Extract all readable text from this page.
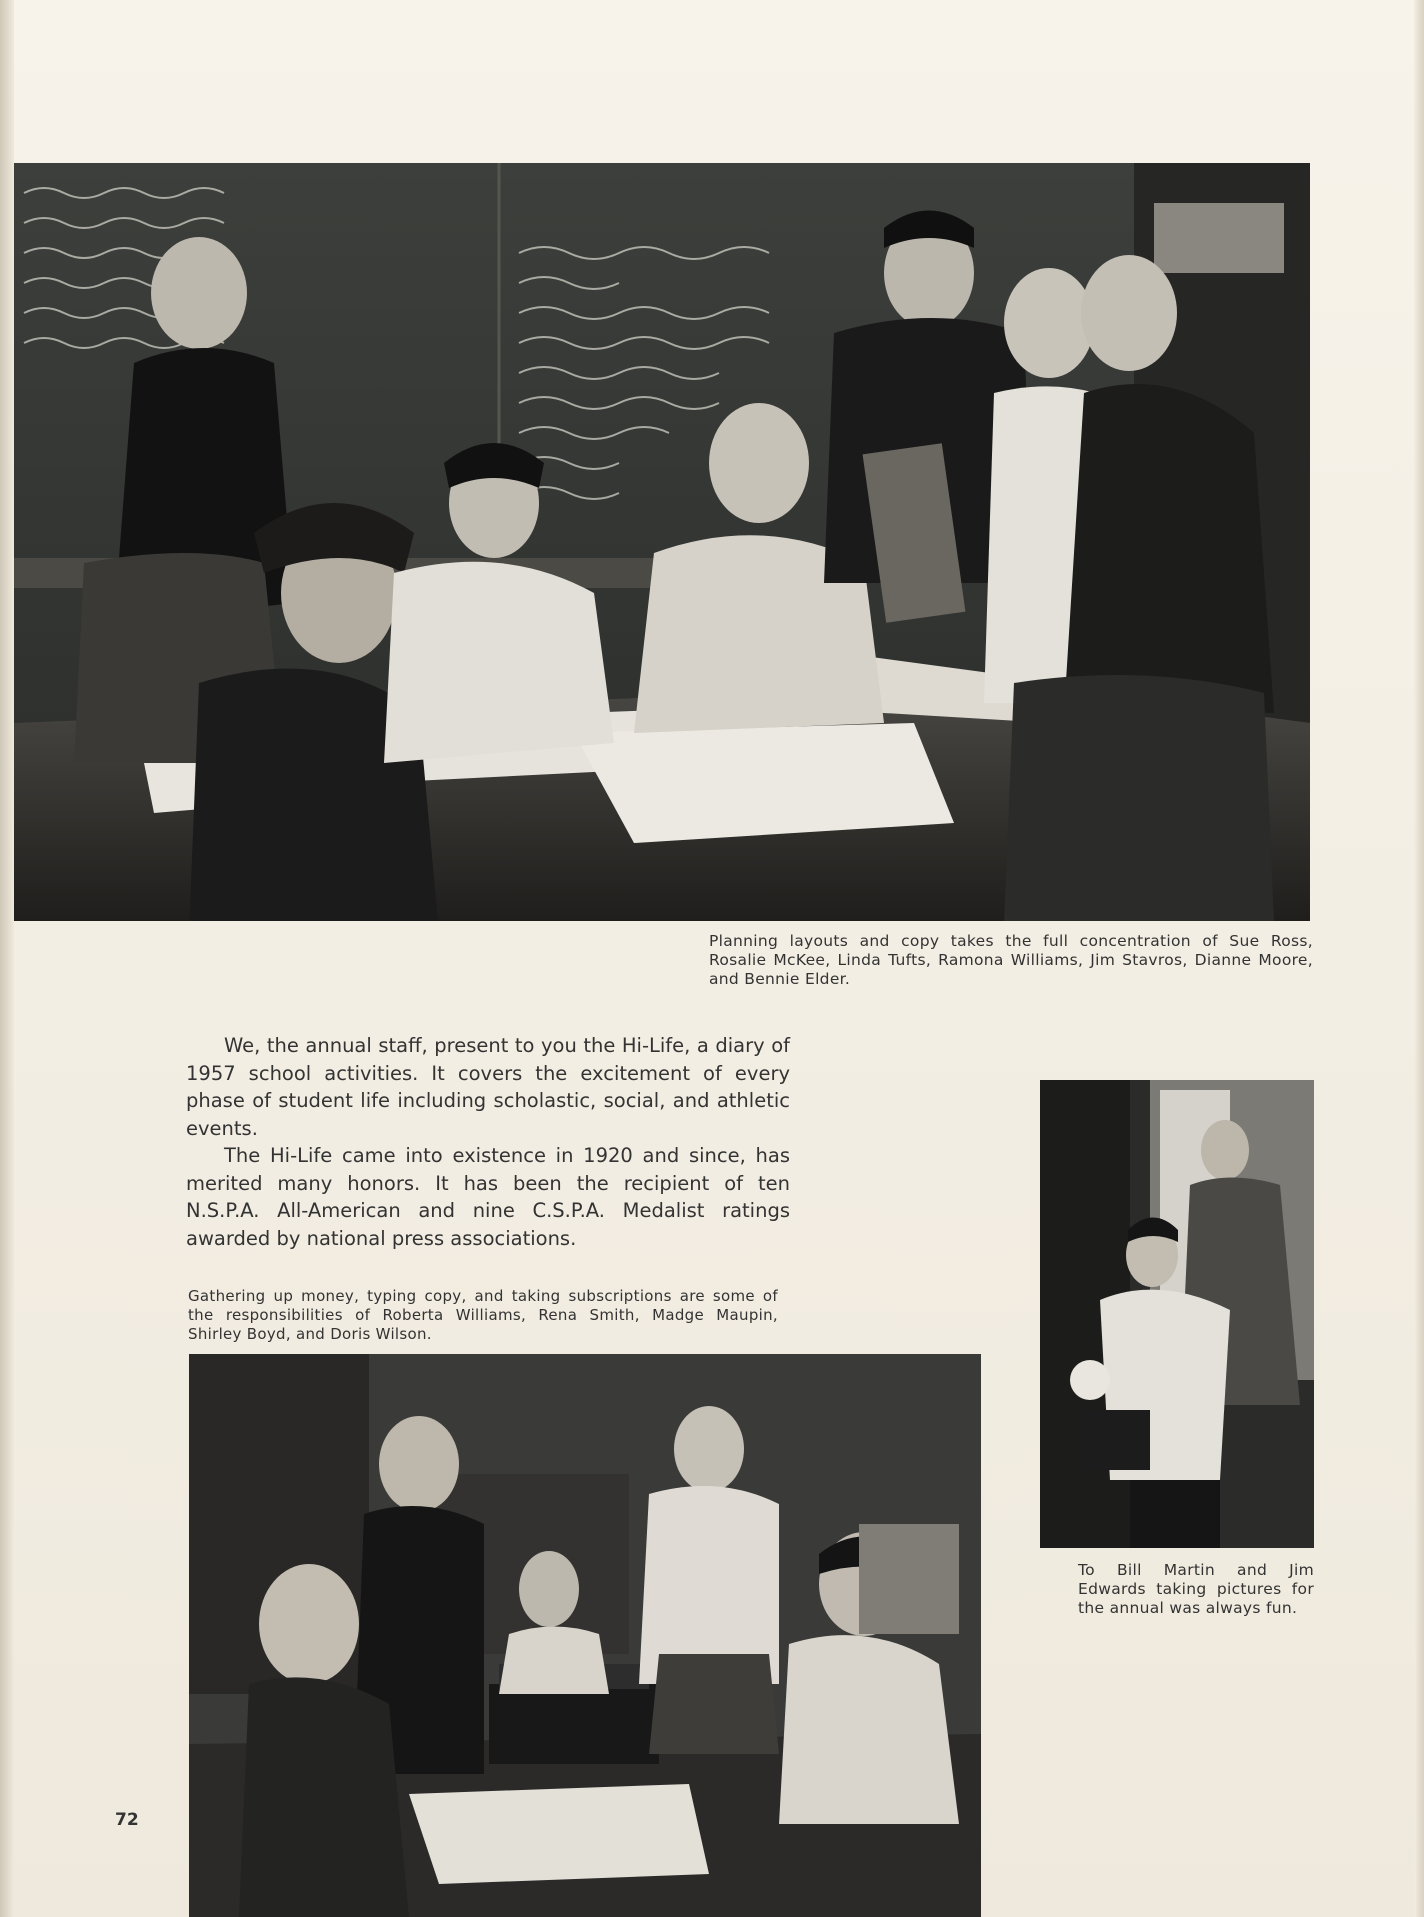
Planning layouts and copy takes the full concentration of Sue Ross, Rosalie McKee, Linda Tufts, Ramona Williams, Jim Stavros, Dianne Moore, and Bennie Elder.

We, the annual staff, present to you the Hi-Life, a diary of 1957 school activities. It covers the excitement of every phase of student life including scholastic, social, and athletic events.

The Hi-Life came into existence in 1920 and since, has merited many honors. It has been the recipient of ten N.S.P.A. All-American and nine C.S.P.A. Medalist ratings awarded by national press associations.

To Bill Martin and Jim Edwards taking pictures for the annual was always fun.
Gathering up money, typing copy, and taking subscriptions are some of the responsibilities of Roberta Williams, Rena Smith, Madge Maupin, Shirley Boyd, and Doris Wilson.
72
